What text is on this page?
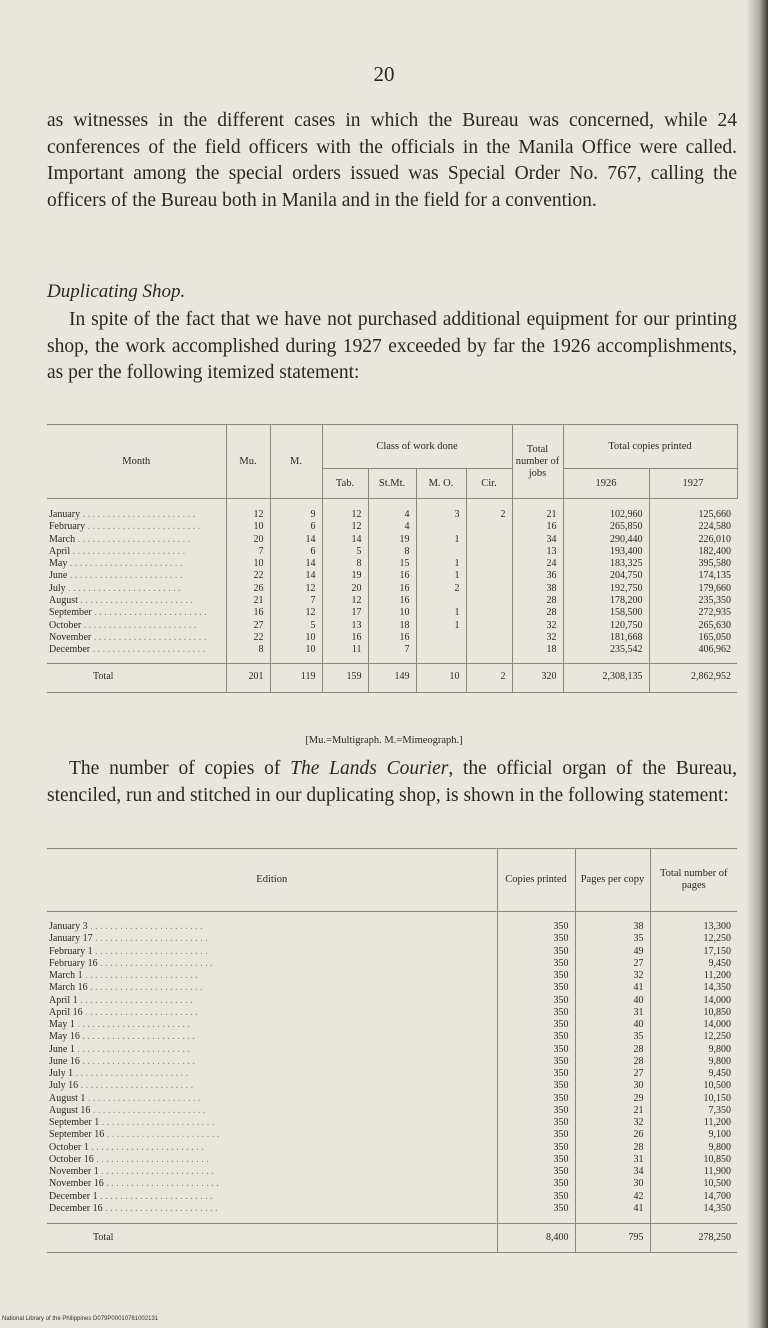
20
as witnesses in the different cases in which the Bureau was concerned, while 24 conferences of the field officers with the officials in the Manila Office were called. Important among the special orders issued was Special Order No. 767, calling the officers of the Bureau both in Manila and in the field for a convention.
Duplicating Shop.
In spite of the fact that we have not purchased additional equipment for our printing shop, the work accomplished during 1927 exceeded by far the 1926 accomplishments, as per the following itemized statement:
Month	Mu.	M.	Class of work done				Total number of jobs	Total copies printed	
			Tab.	St.Mt.	M. O.	Cir.		1926	1927
January . . .	12	9	12	4	3	2	21	102,960	125,660
February . . .	10	6	12	4			16	265,850	224,580
March . . .	20	14	14	19	1		34	290,440	226,010
April . . .	7	6	5	8			13	193,400	182,400
May . . .	10	14	8	15	1		24	183,325	395,580
June . . .	22	14	19	16	1		36	204,750	174,135
July . . .	26	12	20	16	2		38	192,750	179,660
August . . .	21	7	12	16			28	178,200	235,350
September . . .	16	12	17	10	1		28	158,500	272,935
October . . .	27	5	13	18	1		32	120,750	265,630
November . . .	22	10	16	16			32	181,668	165,050
December . . .	8	10	11	7			18	235,542	406,962
Total	201	119	159	149	10	2	320	2,308,135	2,862,952
[Mu.=Multigraph. M.=Mimeograph.]
The number of copies of The Lands Courier, the official organ of the Bureau, stenciled, run and stitched in our duplicating shop, is shown in the following statement:
Edition	Copies printed	Pages per copy	Total number of pages
January 3 . . .	350	38	13,300
January 17 . . .	350	35	12,250
February 1 . . .	350	49	17,150
February 16 . . .	350	27	9,450
March 1 . . .	350	32	11,200
March 16 . . .	350	41	14,350
April 1 . . .	350	40	14,000
April 16 . . .	350	31	10,850
May 1 . . .	350	40	14,000
May 16 . . .	350	35	12,250
June 1 . . .	350	28	9,800
June 16 . . .	350	28	9,800
July 1 . . .	350	27	9,450
July 16 . . .	350	30	10,500
August 1 . . .	350	29	10,150
August 16 . . .	350	21	7,350
September 1 . . .	350	32	11,200
September 16 . . .	350	26	9,100
October 1 . . .	350	28	9,800
October 16 . . .	350	31	10,850
November 1 . . .	350	34	11,900
November 16 . . .	350	30	10,500
December 1 . . .	350	42	14,700
December 16 . . .	350	41	14,350
Total	8,400	795	278,250
National Library of the Philippines D079P00010761002131
